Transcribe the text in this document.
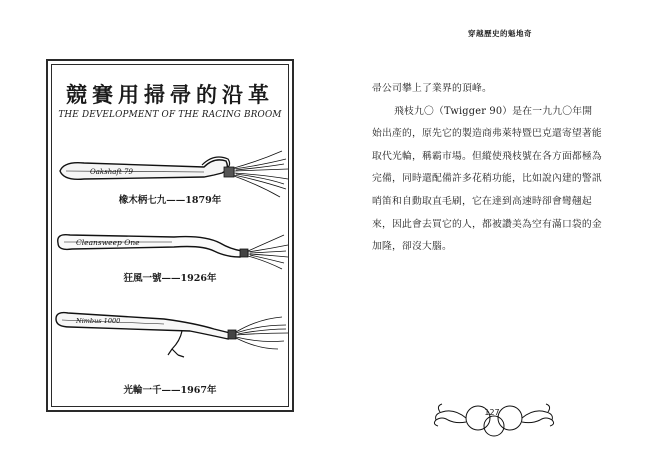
競賽用掃帚的沿革
THE DEVELOPMENT OF THE RACING BROOM
Oakshaft 79
橡木柄七九——1879年
Cleansweep One
狂風一號——1926年
Nimbus 1000
光輪一千——1967年
穿越歷史的魁地奇

帚公司攀上了業界的頂峰。

飛枝九〇（Twigger 90）是在一九九〇年開始出產的，原先它的製造商弗萊特暨巴克還寄望著能取代光輪，稱霸市場。但縱使飛枝號在各方面都極為完備，同時還配備許多花稍功能，比如說內建的警訊哨笛和自動取直毛刷，它在達到高速時卻會彎翹起來，因此會去買它的人，都被讚美為空有滿口袋的金加隆，卻沒大腦。

127
